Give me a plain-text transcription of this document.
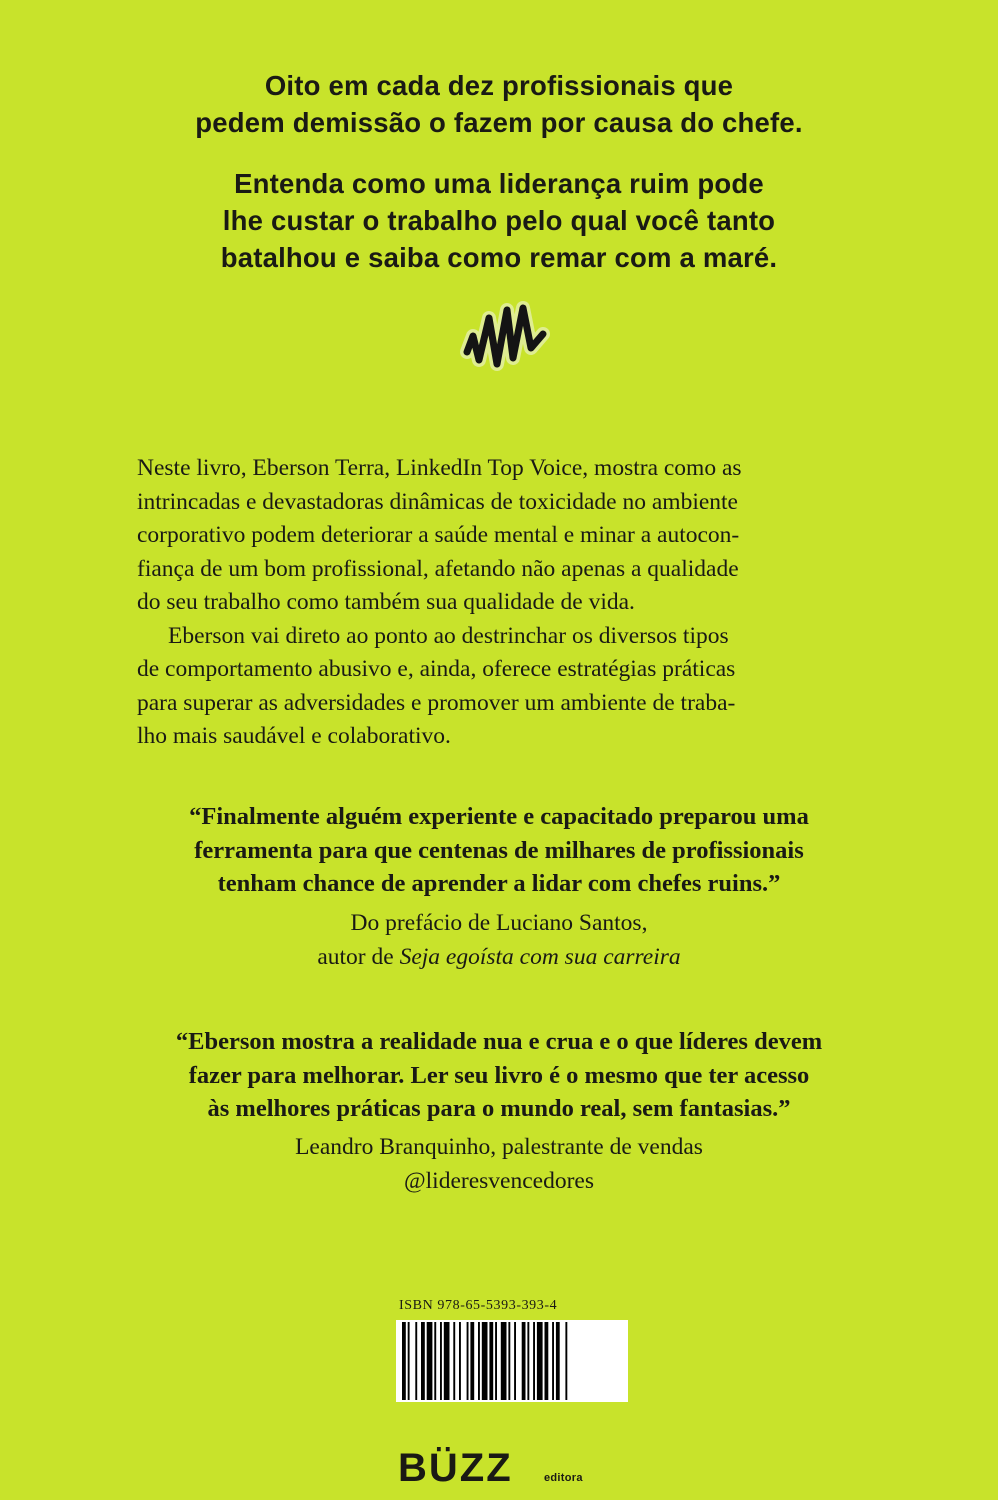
Oito em cada dez profissionais que
pedem demissão o fazem por causa do chefe.
Entenda como uma liderança ruim pode
lhe custar o trabalho pelo qual você tanto
batalhou e saiba como remar com a maré.
Neste livro, Eberson Terra, LinkedIn Top Voice, mostra como as
intrincadas e devastadoras dinâmicas de toxicidade no ambiente
corporativo podem deteriorar a saúde mental e minar a autocon-
fiança de um bom profissional, afetando não apenas a qualidade
do seu trabalho como também sua qualidade de vida.
Eberson vai direto ao ponto ao destrinchar os diversos tipos
de comportamento abusivo e, ainda, oferece estratégias práticas
para superar as adversidades e promover um ambiente de traba-
lho mais saudável e colaborativo.
“Finalmente alguém experiente e capacitado preparou uma
ferramenta para que centenas de milhares de profissionais
tenham chance de aprender a lidar com chefes ruins.”
Do prefácio de Luciano Santos,
autor de Seja egoísta com sua carreira
“Eberson mostra a realidade nua e crua e o que líderes devem
fazer para melhorar. Ler seu livro é o mesmo que ter acesso
às melhores práticas para o mundo real, sem fantasias.”
Leandro Branquinho, palestrante de vendas
@lideresvencedores
ISBN 978-65-5393-393-4
BÜZZ	editora
